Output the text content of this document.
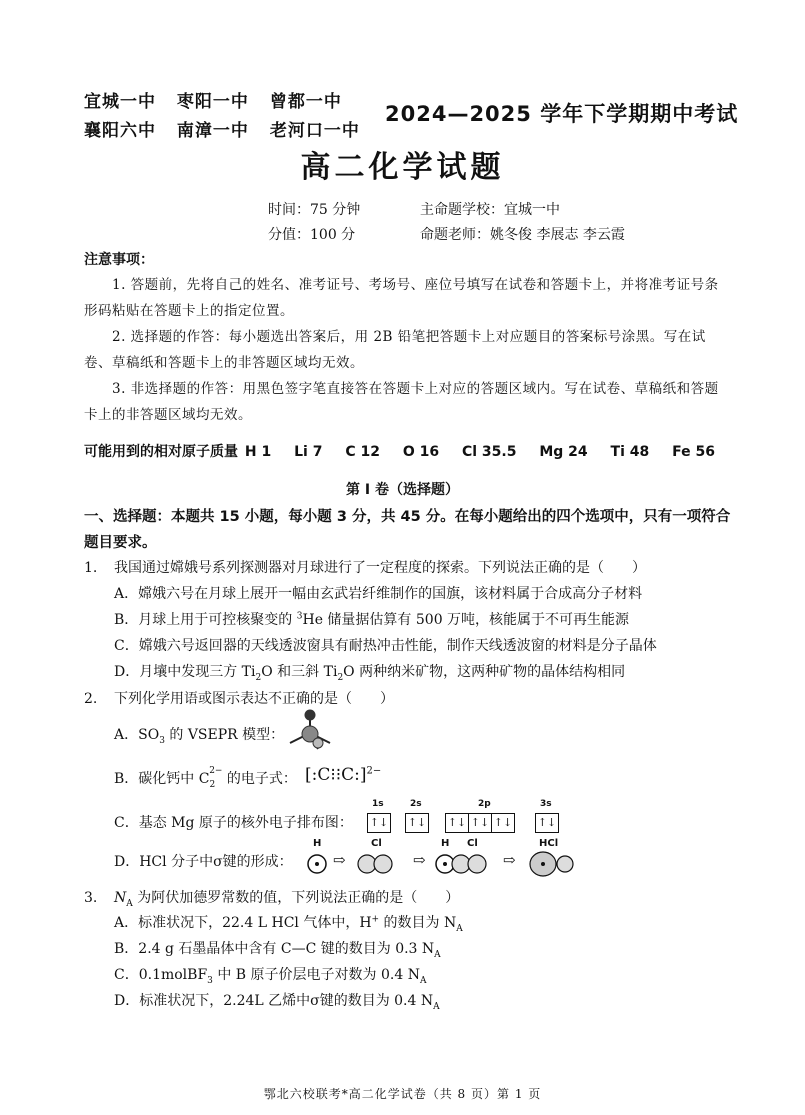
宜城一中 枣阳一中 曾都一中
襄阳六中 南漳一中 老河口一中
2024—2025 学年下学期期中考试
高二化学试题
时间：75 分钟	主命题学校：宜城一中
分值：100 分	命题老师：姚冬俊 李展志 李云霞
注意事项：
1. 答题前，先将自己的姓名、准考证号、考场号、座位号填写在试卷和答题卡上，并将准考证号条形码粘贴在答题卡上的指定位置。
2. 选择题的作答：每小题选出答案后，用 2B 铅笔把答题卡上对应题目的答案标号涂黑。写在试卷、草稿纸和答题卡上的非答题区域均无效。
3. 非选择题的作答：用黑色签字笔直接答在答题卡上对应的答题区域内。写在试卷、草稿纸和答题卡上的非答题区域均无效。
可能用到的相对原子质量 H 1 Li 7 C 12 O 16 Cl 35.5 Mg 24 Ti 48 Fe 56
第 I 卷（选择题）
一、选择题：本题共 15 小题，每小题 3 分，共 45 分。在每小题给出的四个选项中，只有一项符合题目要求。
1. 我国通过嫦娥号系列探测器对月球进行了一定程度的探索。下列说法正确的是（　　）
A．嫦娥六号在月球上展开一幅由玄武岩纤维制作的国旗，该材料属于合成高分子材料
B．月球上用于可控核聚变的 $^3$He 储量据估算有 500 万吨，核能属于不可再生能源
C．嫦娥六号返回器的天线透波窗具有耐热冲击性能，制作天线透波窗的材料是分子晶体
D．月壤中发现三方 $Ti_2O$ 和三斜 $Ti_2O$ 两种纳米矿物，这两种矿物的晶体结构相同
2. 下列化学用语或图示表达不正确的是（　　）
A．$SO_3$ 的 VSEPR 模型：
B．碳化钙中 $C_2^{2-}$ 的电子式： [:C⁝⁝C:]$^{2-}$
C．基态 Mg 原子的核外电子排布图：
1s	2s	2p	3s
↑↓ ↑↓ ↑↓ ↑↓ ↑↓ ↑↓
D．HCl 分子中σ键的形成：
H	Cl	H Cl	HCl
⇨	⇨	⇨
3. $N_A$ 为阿伏加德罗常数的值，下列说法正确的是（　　）
A．标准状况下，22.4 L HCl 气体中，H+ 的数目为 $N_A$
B．2.4 g 石墨晶体中含有 C—C 键的数目为 0.3 $N_A$
C．0.1molBF$_3$ 中 B 原子价层电子对数为 0.4 $N_A$
D．标准状况下，2.24L 乙烯中σ键的数目为 0.4 $N_A$
鄂北六校联考*高二化学试卷（共 8 页）第 1 页
